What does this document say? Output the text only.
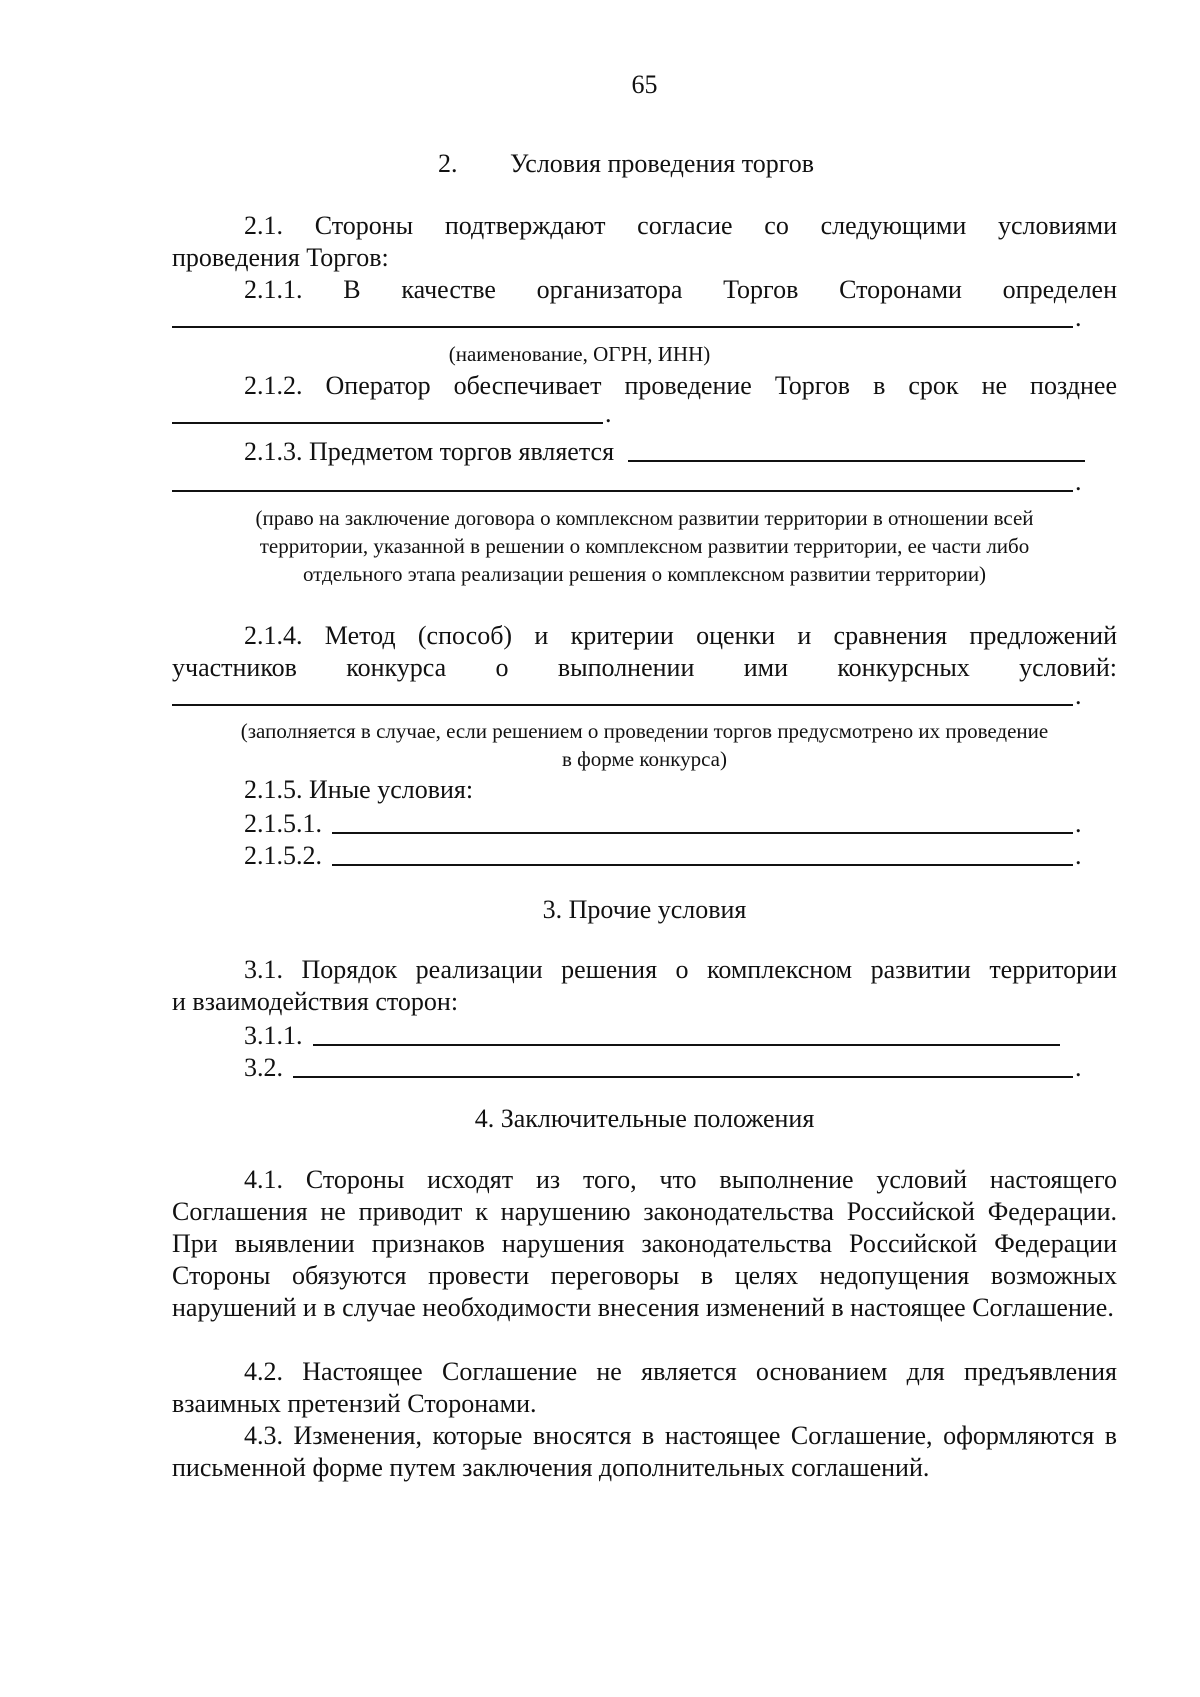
65
2. Условия проведения торгов
2.1. Стороны подтверждают согласие со следующими условиями
проведения Торгов:
2.1.1. В качестве организатора Торгов Сторонами определен
.
(наименование, ОГРН, ИНН)
2.1.2. Оператор обеспечивает проведение Торгов в срок не позднее
.
2.1.3. Предметом торгов является
.
(право на заключение договора о комплексном развитии территории в отношении всей
территории, указанной в решении о комплексном развитии территории, ее части либо
отдельного этапа реализации решения о комплексном развитии территории)
2.1.4. Метод (способ) и критерии оценки и сравнения предложений
участников конкурса о выполнении ими конкурсных условий:
.
(заполняется в случае, если решением о проведении торгов предусмотрено их проведение
в форме конкурса)
2.1.5. Иные условия:
2.1.5.1.	.
2.1.5.2.	.
3. Прочие условия
3.1. Порядок реализации решения о комплексном развитии территории
и взаимодействия сторон:
3.1.1.
3.2.	.
4. Заключительные положения
4.1. Стороны исходят из того, что выполнение условий настоящего Соглашения не приводит к нарушению законодательства Российской Федерации. При выявлении признаков нарушения законодательства Российской Федерации Стороны обязуются провести переговоры в целях недопущения возможных нарушений и в случае необходимости внесения изменений в настоящее Соглашение.
4.2. Настоящее Соглашение не является основанием для предъявления взаимных претензий Сторонами.
4.3. Изменения, которые вносятся в настоящее Соглашение, оформляются в письменной форме путем заключения дополнительных соглашений.
